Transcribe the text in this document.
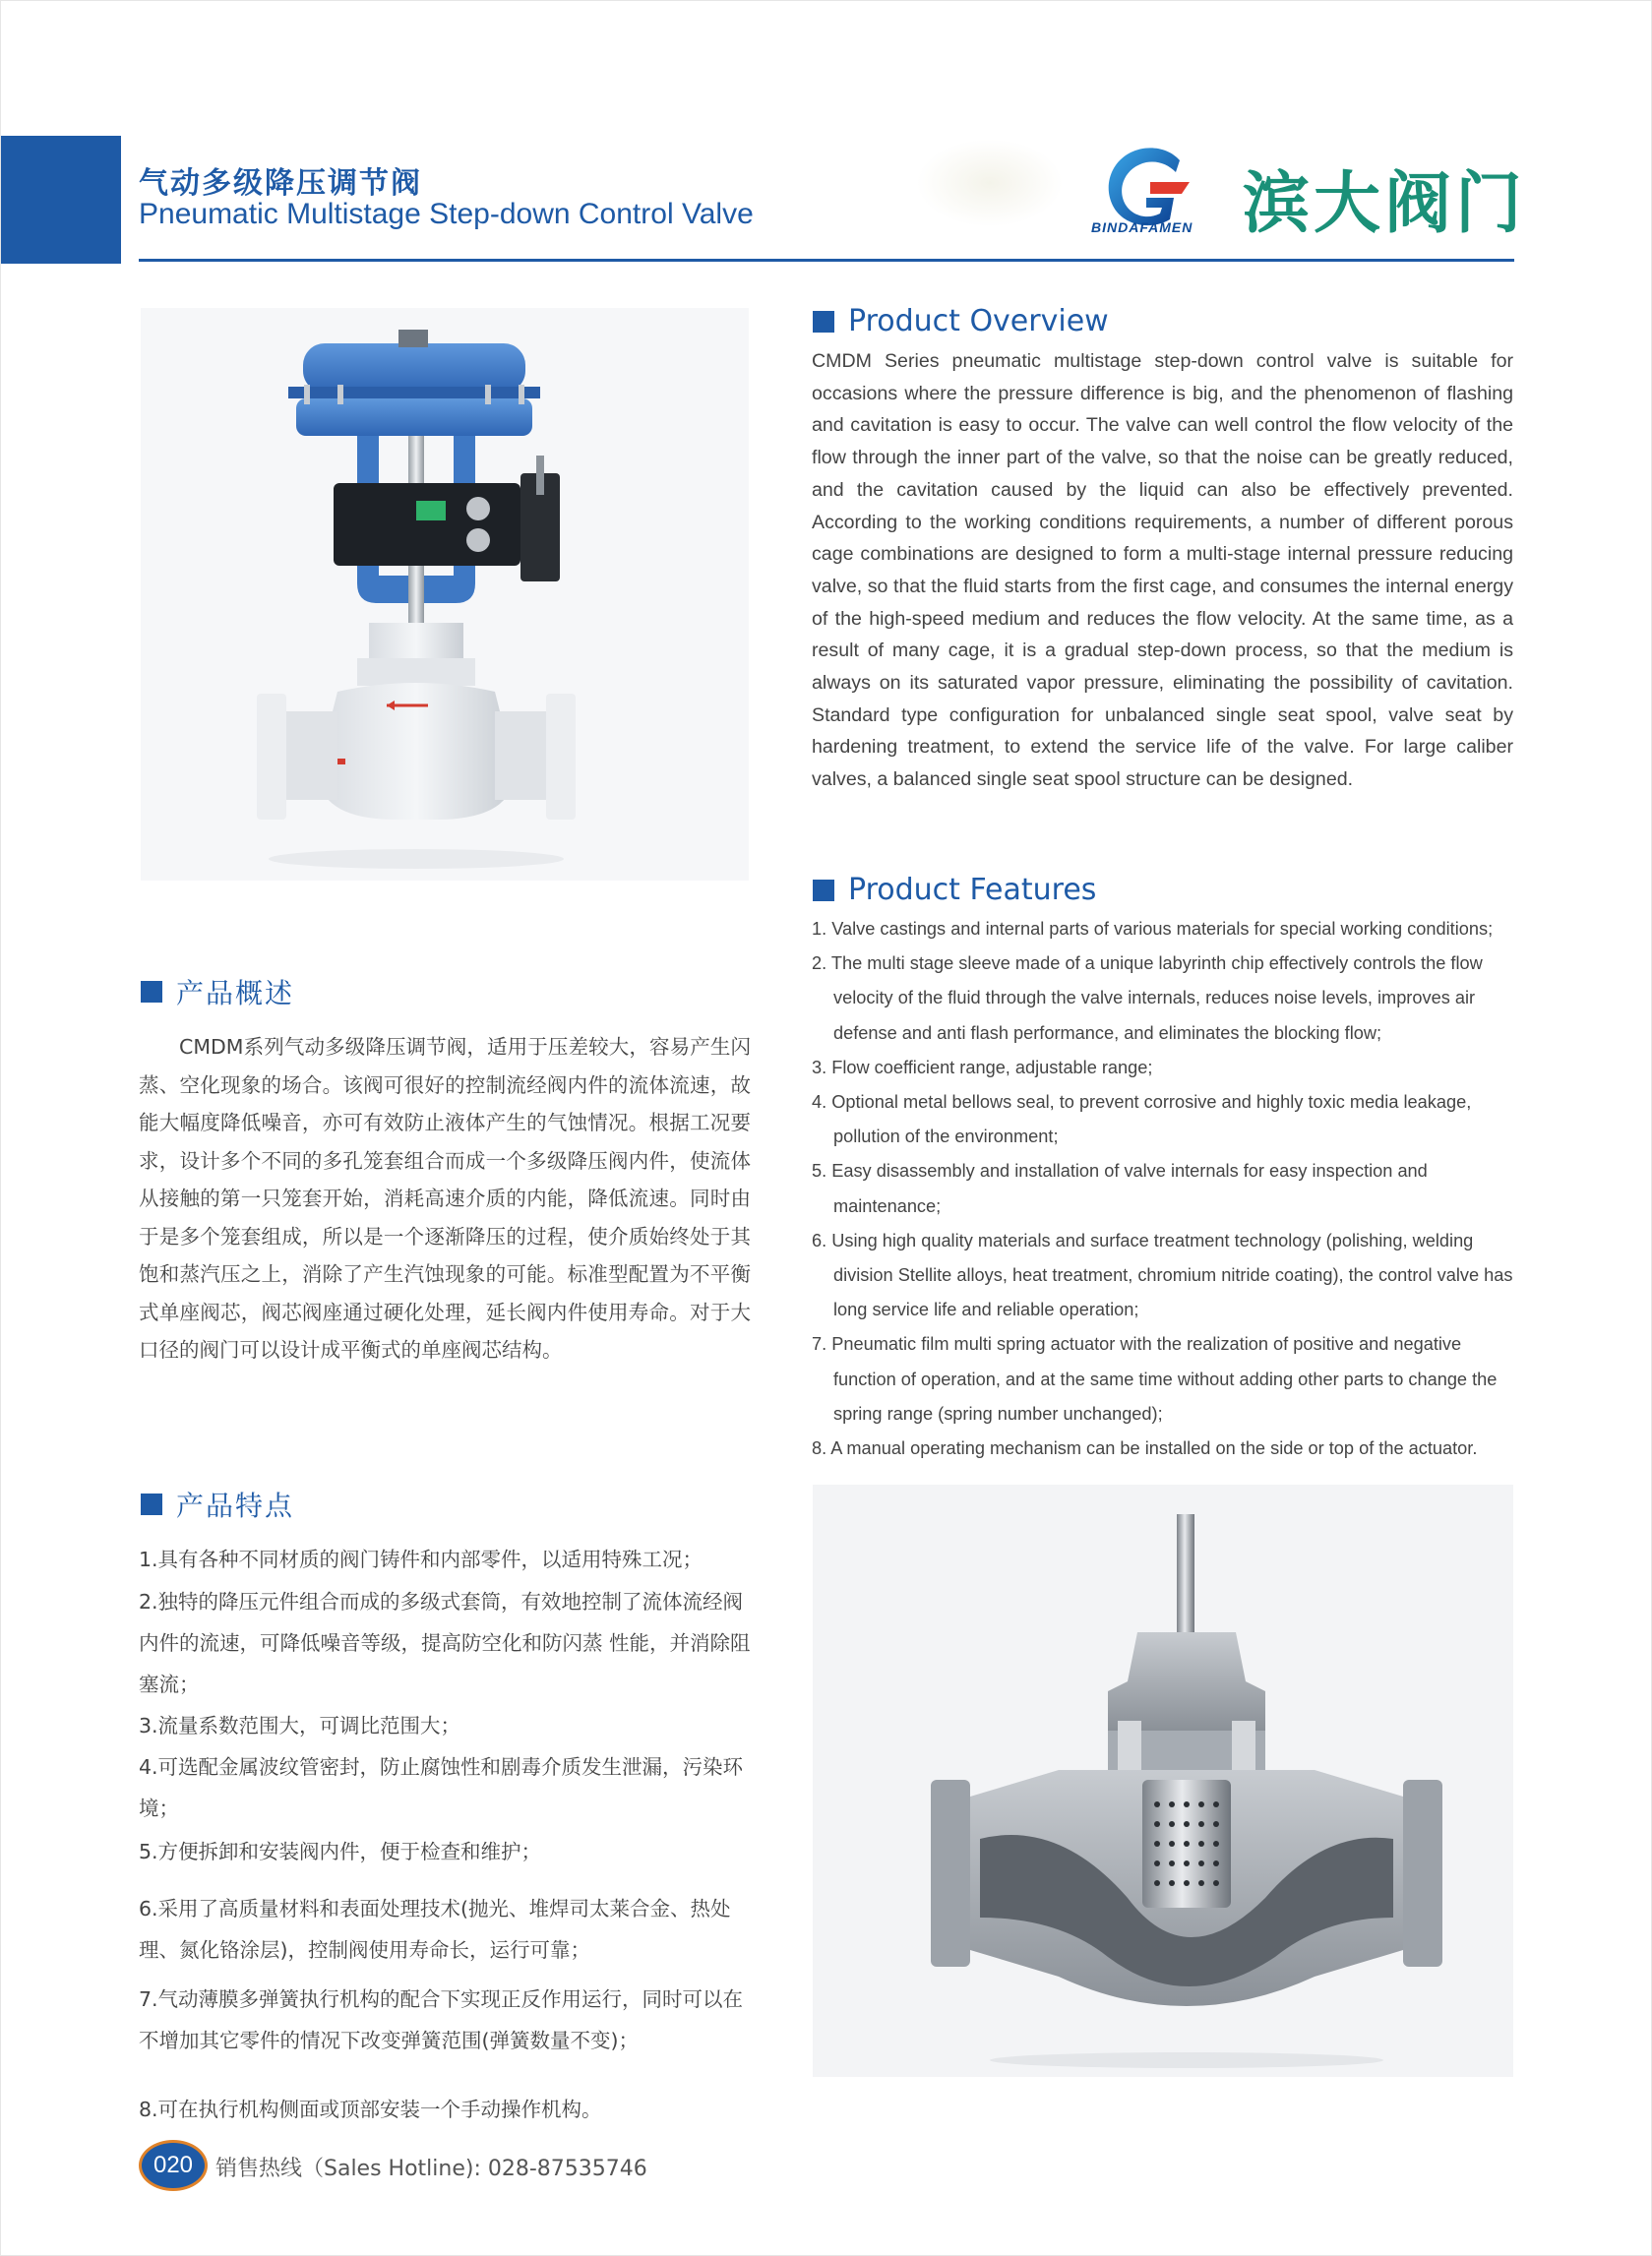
气动多级降压调节阀
Pneumatic Multistage Step-down Control Valve	BINDAFAMEN 滨大阀门
Product Overview

CMDM Series pneumatic multistage step-down control valve is suitable for occasions where the pressure difference is big, and the phenomenon of flashing and cavitation is easy to occur. The valve can well control the flow velocity of the flow through the inner part of the valve, so that the noise can be greatly reduced, and the cavitation caused by the liquid can also be effectively prevented. According to the working conditions requirements, a number of different porous cage combinations are designed to form a multi-stage internal pressure reducing valve, so that the fluid starts from the first cage, and consumes the internal energy of the high-speed medium and reduces the flow velocity. At the same time, as a result of many cage, it is a gradual step-down process, so that the medium is always on its saturated vapor pressure, eliminating the possibility of cavitation. Standard type configuration for unbalanced single seat spool, valve seat by hardening treatment, to extend the service life of the valve. For large caliber valves, a balanced single seat spool structure can be designed.

Product Features
1. Valve castings and internal parts of various materials for special working conditions;
2. The multi stage sleeve made of a unique labyrinth chip effectively controls the flow velocity of the fluid through the valve internals, reduces noise levels, improves air defense and anti flash performance, and eliminates the blocking flow;
3. Flow coefficient range, adjustable range;
4. Optional metal bellows seal, to prevent corrosive and highly toxic media leakage, pollution of the environment;
5. Easy disassembly and installation of valve internals for easy inspection and maintenance;
6. Using high quality materials and surface treatment technology (polishing, welding division Stellite alloys, heat treatment, chromium nitride coating), the control valve has long service life and reliable operation;
7. Pneumatic film multi spring actuator with the realization of positive and negative function of operation, and at the same time without adding other parts to change the spring range (spring number unchanged);
8. A manual operating mechanism can be installed on the side or top of the actuator.
产品概述

CMDM系列气动多级降压调节阀，适用于压差较大，容易产生闪蒸、空化现象的场合。该阀可很好的控制流经阀内件的流体流速，故能大幅度降低噪音，亦可有效防止液体产生的气蚀情况。根据工况要求，设计多个不同的多孔笼套组合而成一个多级降压阀内件，使流体从接触的第一只笼套开始，消耗高速介质的内能，降低流速。同时由于是多个笼套组成，所以是一个逐渐降压的过程，使介质始终处于其饱和蒸汽压之上，消除了产生汽蚀现象的可能。标准型配置为不平衡式单座阀芯，阀芯阀座通过硬化处理，延长阀内件使用寿命。对于大口径的阀门可以设计成平衡式的单座阀芯结构。

产品特点
1.具有各种不同材质的阀门铸件和内部零件，以适用特殊工况；
2.独特的降压元件组合而成的多级式套筒，有效地控制了流体流经阀内件的流速，可降低噪音等级，提高防空化和防闪蒸 性能，并消除阻塞流；
3.流量系数范围大，可调比范围大；
4.可选配金属波纹管密封，防止腐蚀性和剧毒介质发生泄漏，污染环境；
5.方便拆卸和安装阀内件，便于检查和维护；
6.采用了高质量材料和表面处理技术(抛光、堆焊司太莱合金、热处理、氮化铬涂层)，控制阀使用寿命长，运行可靠；
7.气动薄膜多弹簧执行机构的配合下实现正反作用运行，同时可以在不增加其它零件的情况下改变弹簧范围(弹簧数量不变)；
8.可在执行机构侧面或顶部安装一个手动操作机构。
020	销售热线（Sales Hotline): 028-87535746
